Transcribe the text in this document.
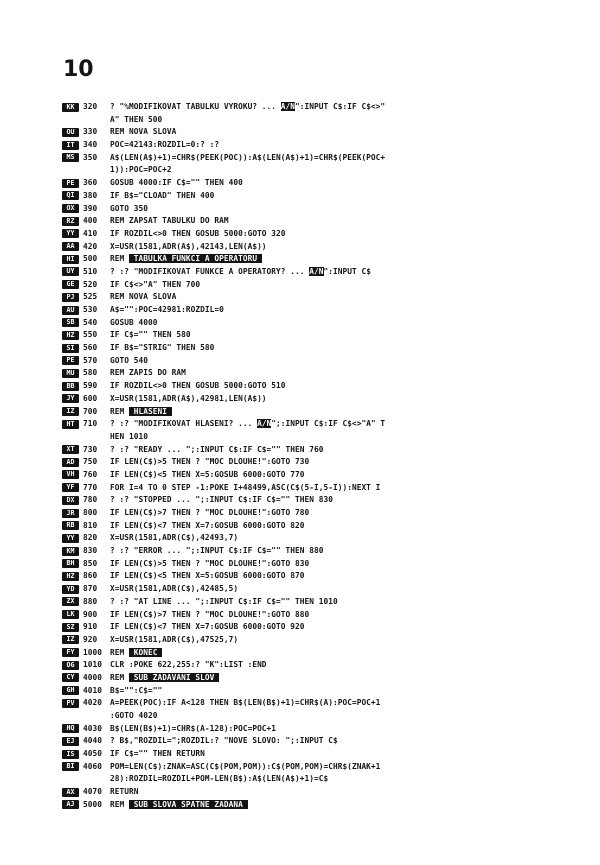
10
KK 320 ? "%MODIFIKOVAT TABULKU VYROKU? ... A/N":INPUT C$:IF C$<>"
A" THEN 500
OU 330 REM NOVA SLOVA
IT 340 POC=42143:ROZDIL=0:? :?
MS 350 A$(LEN(A$)+1)=CHR$(PEEK(POC)):A$(LEN(A$)+1)=CHR$(PEEK(POC+
1)):POC=POC+2
PE 360 GOSUB 4000:IF C$="" THEN 400
QI 380 IF B$="CLOAD" THEN 400
OX 390 GOTO 350
RZ 400 REM ZAPSAT TABULKU DO RAM
YY 410 IF ROZDIL<>0 THEN GOSUB 5000:GOTO 320
AA 420 X=USR(1581,ADR(A$),42143,LEN(A$))
HI 500 REM  TABULKA FUNKCI A OPERATORU
UY 510 ? :? "MODIFIKOVAT FUNKCE A OPERATORY? ... A/N":INPUT C$
GE 520 IF C$<>"A" THEN 700
PJ 525 REM NOVA SLOVA
AU 530 A$="":POC=42981:ROZDIL=0
SB 540 GOSUB 4000
HZ 550 IF C$="" THEN 580
SI 560 IF B$="STRIG" THEN 580
PE 570 GOTO 540
MU 580 REM ZAPIS DO RAM
BB 590 IF ROZDIL<>0 THEN GOSUB 5000:GOTO 510
JY 600 X=USR(1581,ADR(A$),42981,LEN(A$))
IZ 700 REM  HLASENI
HT 710 ? :? "MODIFIKOVAT HLASENI? ... A/N";:INPUT C$:IF C$<>"A" T
HEN 1010
XT 730 ? :? "READY ... ";:INPUT C$:IF C$="" THEN 760
AD 750 IF LEN(C$)>5 THEN ? "MOC DLOUHE!":GOTO 730
VH 760 IF LEN(C$)<5 THEN X=5:GOSUB 6000:GOTO 770
YF 770 FOR I=4 TO 0 STEP -1:POKE I+48499,ASC(C$(5-I,5-I)):NEXT I
DX 780 ? :? "STOPPED ... ";:INPUT C$:IF C$="" THEN 830
JR 800 IF LEN(C$)>7 THEN ? "MOC DLOUHE!":GOTO 780
RB 810 IF LEN(C$)<7 THEN X=7:GOSUB 6000:GOTO 820
YY 820 X=USR(1581,ADR(C$),42493,7)
KM 830 ? :? "ERROR ... ";:INPUT C$:IF C$="" THEN 880
BH 850 IF LEN(C$)>5 THEN ? "MOC DLOUHE!":GOTO 830
HZ 860 IF LEN(C$)<5 THEN X=5:GOSUB 6000:GOTO 870
YD 870 X=USR(1581,ADR(C$),42485,5)
ZX 880 ? :? "AT LINE ... ";:INPUT C$:IF C$="" THEN 1010
LK 900 IF LEN(C$)>7 THEN ? "MOC DLOUHE!":GOTO 880
SZ 910 IF LEN(C$)<7 THEN X=7:GOSUB 6000:GOTO 920
IZ 920 X=USR(1581,ADR(C$),47525,7)
FY 1000 REM  KONEC
OG 1010 CLR :POKE 622,255:? "K":LIST :END
CY 4000 REM  SUB ZADAVANI SLOV
GH 4010 B$="":C$=""
PV 4020 A=PEEK(POC):IF A<128 THEN B$(LEN(B$)+1)=CHR$(A):POC=POC+1
:GOTO 4020
HQ 4030 B$(LEN(B$)+1)=CHR$(A-128):POC=POC+1
EJ 4040 ? B$,"ROZDIL=";ROZDIL:? "NOVE SLOVO: ";:INPUT C$
IS 4050 IF C$="" THEN RETURN
BI 4060 POM=LEN(C$):ZNAK=ASC(C$(POM,POM)):C$(POM,POM)=CHR$(ZNAK+1
28):ROZDIL=ROZDIL+POM-LEN(B$):A$(LEN(A$)+1)=C$
AX 4070 RETURN
AJ 5000 REM  SUB SLOVA SPATNE ZADANA
